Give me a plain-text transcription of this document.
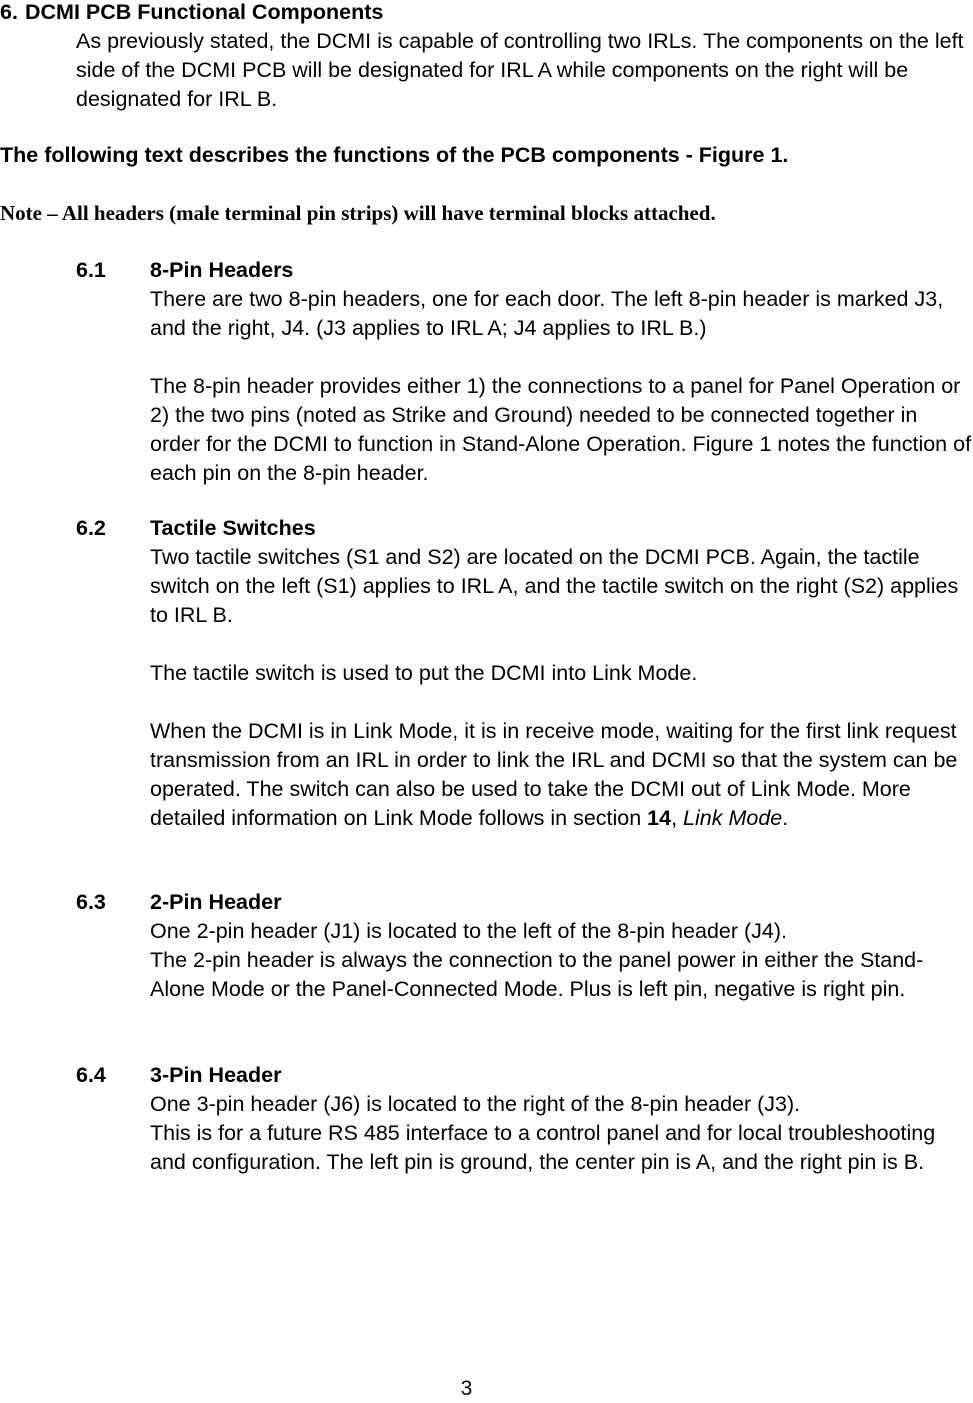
6. DCMI PCB Functional Components

As previously stated, the DCMI is capable of controlling two IRLs. The components on the left side of the DCMI PCB will be designated for IRL A while components on the right will be designated for IRL B.

The following text describes the functions of the PCB components - Figure 1.

Note – All headers (male terminal pin strips) will have terminal blocks attached.

6.1 8-Pin Headers

There are two 8-pin headers, one for each door. The left 8-pin header is marked J3, and the right, J4. (J3 applies to IRL A; J4 applies to IRL B.)

The 8-pin header provides either 1) the connections to a panel for Panel Operation or 2) the two pins (noted as Strike and Ground) needed to be connected together in order for the DCMI to function in Stand-Alone Operation. Figure 1 notes the function of each pin on the 8-pin header.

6.2 Tactile Switches

Two tactile switches (S1 and S2) are located on the DCMI PCB. Again, the tactile switch on the left (S1) applies to IRL A, and the tactile switch on the right (S2) applies to IRL B.

The tactile switch is used to put the DCMI into Link Mode.

When the DCMI is in Link Mode, it is in receive mode, waiting for the first link request transmission from an IRL in order to link the IRL and DCMI so that the system can be operated. The switch can also be used to take the DCMI out of Link Mode. More detailed information on Link Mode follows in section 14, Link Mode.

6.3 2-Pin Header
One 2-pin header (J1) is located to the left of the 8-pin header (J4).
The 2-pin header is always the connection to the panel power in either the Stand-Alone Mode or the Panel-Connected Mode. Plus is left pin, negative is right pin.
6.4 3-Pin Header
One 3-pin header (J6) is located to the right of the 8-pin header (J3).
This is for a future RS 485 interface to a control panel and for local troubleshooting and configuration. The left pin is ground, the center pin is A, and the right pin is B.
3
